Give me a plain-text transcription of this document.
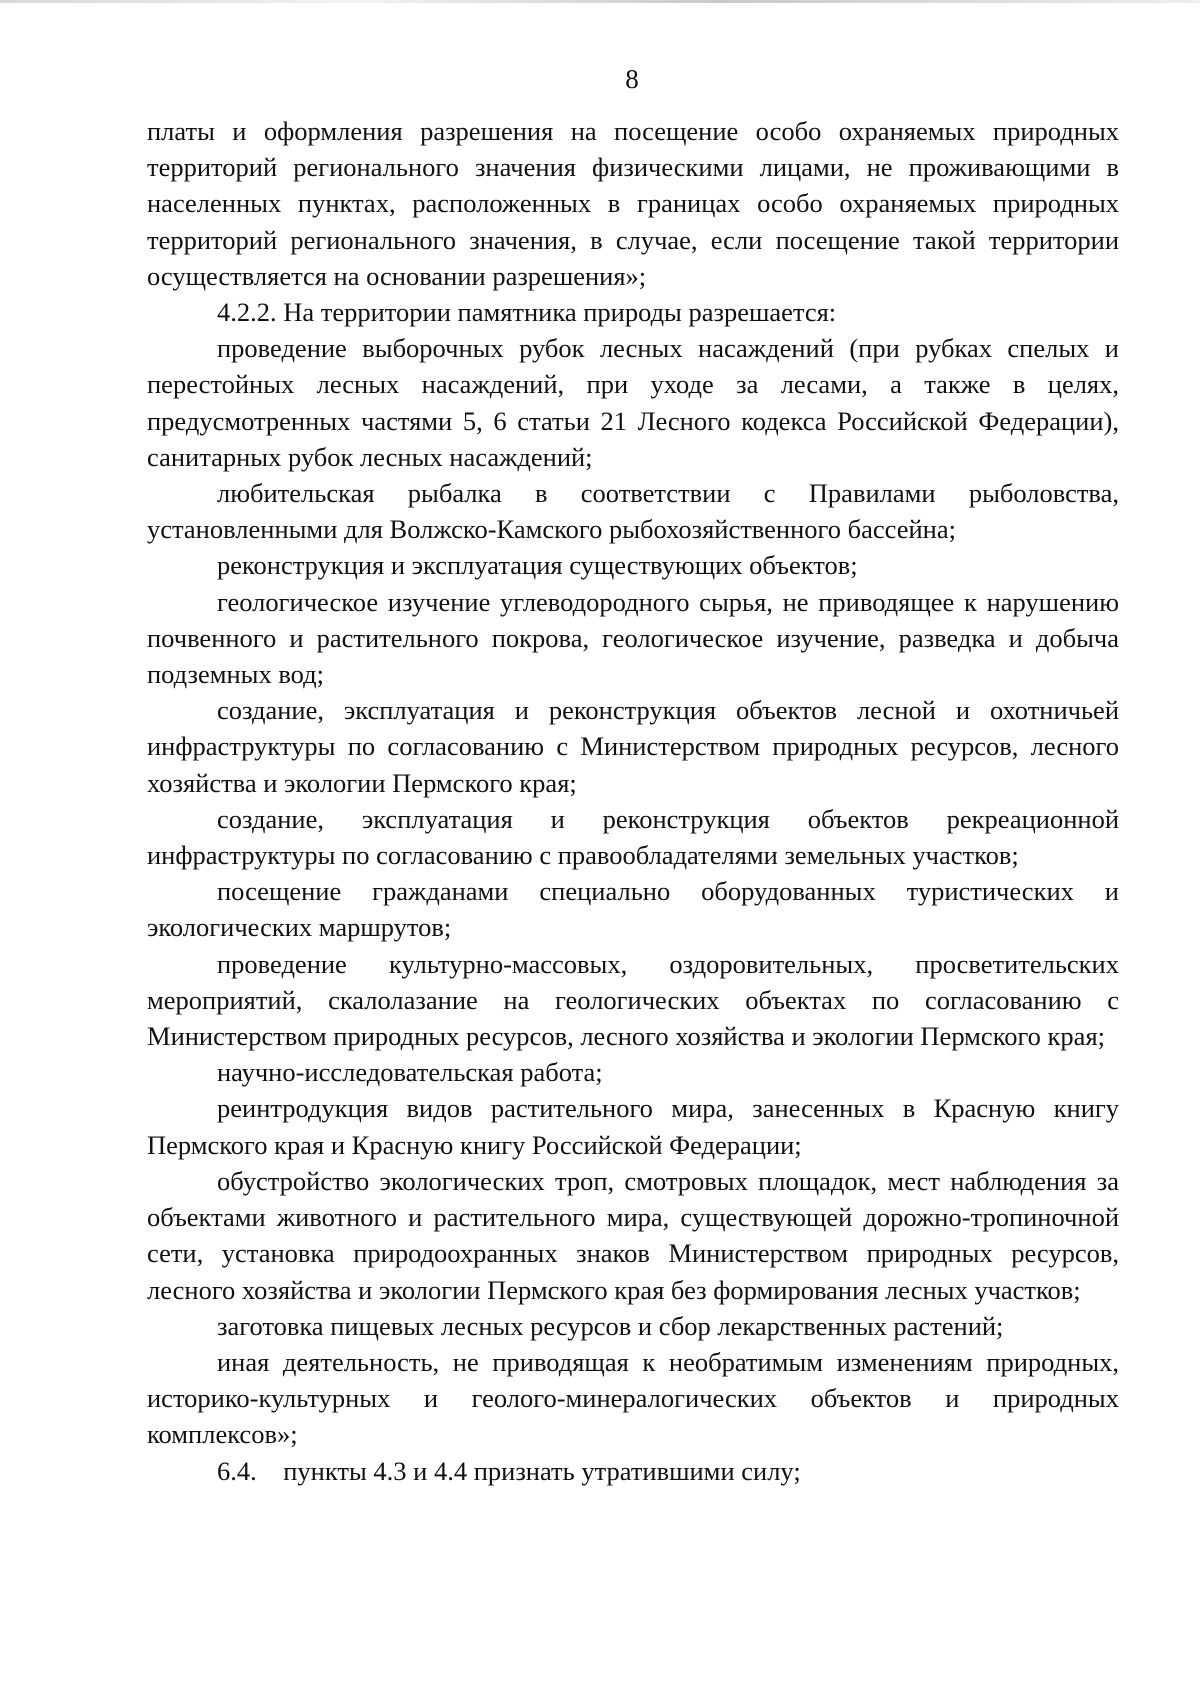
8

платы и оформления разрешения на посещение особо охраняемых природных территорий регионального значения физическими лицами, не проживающими в населенных пунктах, расположенных в границах особо охраняемых природных территорий регионального значения, в случае, если посещение такой территории осуществляется на основании разрешения»;

4.2.2. На территории памятника природы разрешается:

проведение выборочных рубок лесных насаждений (при рубках спелых и перестойных лесных насаждений, при уходе за лесами, а также в целях, предусмотренных частями 5, 6 статьи 21 Лесного кодекса Российской Федерации), санитарных рубок лесных насаждений;

любительская рыбалка в соответствии с Правилами рыболовства, установленными для Волжско-Камского рыбохозяйственного бассейна;

реконструкция и эксплуатация существующих объектов;

геологическое изучение углеводородного сырья, не приводящее к нарушению почвенного и растительного покрова, геологическое изучение, разведка и добыча подземных вод;

создание, эксплуатация и реконструкция объектов лесной и охотничьей инфраструктуры по согласованию с Министерством природных ресурсов, лесного хозяйства и экологии Пермского края;

создание, эксплуатация и реконструкция объектов рекреационной инфраструктуры по согласованию с правообладателями земельных участков;

посещение гражданами специально оборудованных туристических и экологических маршрутов;

проведение культурно-массовых, оздоровительных, просветительских мероприятий, скалолазание на геологических объектах по согласованию с Министерством природных ресурсов, лесного хозяйства и экологии Пермского края;

научно-исследовательская работа;

реинтродукция видов растительного мира, занесенных в Красную книгу Пермского края и Красную книгу Российской Федерации;

обустройство экологических троп, смотровых площадок, мест наблюдения за объектами животного и растительного мира, существующей дорожно-тропиночной сети, установка природоохранных знаков Министерством природных ресурсов, лесного хозяйства и экологии Пермского края без формирования лесных участков;

заготовка пищевых лесных ресурсов и сбор лекарственных растений;

иная деятельность, не приводящая к необратимым изменениям природных, историко-культурных и геолого-минералогических объектов и природных комплексов»;

6.4.    пункты 4.3 и 4.4 признать утратившими силу;
